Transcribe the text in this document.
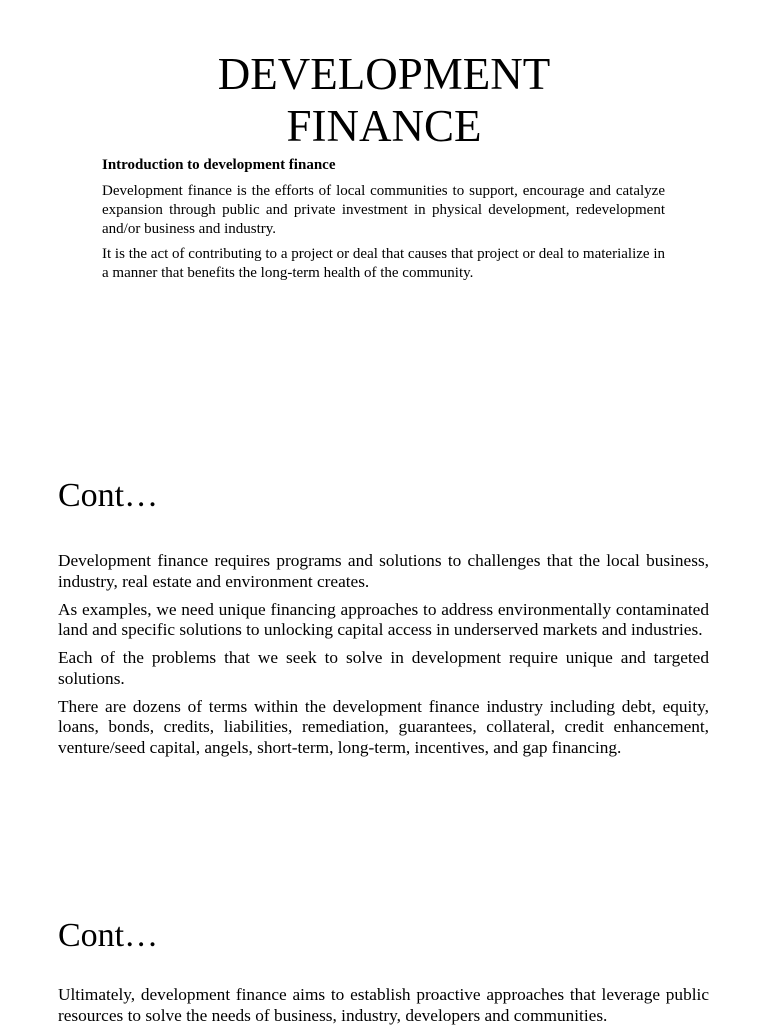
DEVELOPMENT
FINANCE
Introduction to development finance

Development finance is the efforts of local communities to support, encourage and catalyze expansion through public and private investment in physical development, redevelopment and/or business and industry.

It is the act of contributing to a project or deal that causes that project or deal to materialize in a manner that benefits the long-term health of the community.

Cont…

Development finance requires programs and solutions to challenges that the local business, industry, real estate and environment creates.

As examples, we need unique financing approaches to address environmentally contaminated land and specific solutions to unlocking capital access in underserved markets and industries.

Each of the problems that we seek to solve in development require unique and targeted solutions.

There are dozens of terms within the development finance industry including debt, equity, loans, bonds, credits, liabilities, remediation, guarantees, collateral, credit enhancement, venture/seed capital, angels, short-term, long-term, incentives, and gap financing.

Cont…

Ultimately, development finance aims to establish proactive approaches that leverage public resources to solve the needs of business, industry, developers and communities.
